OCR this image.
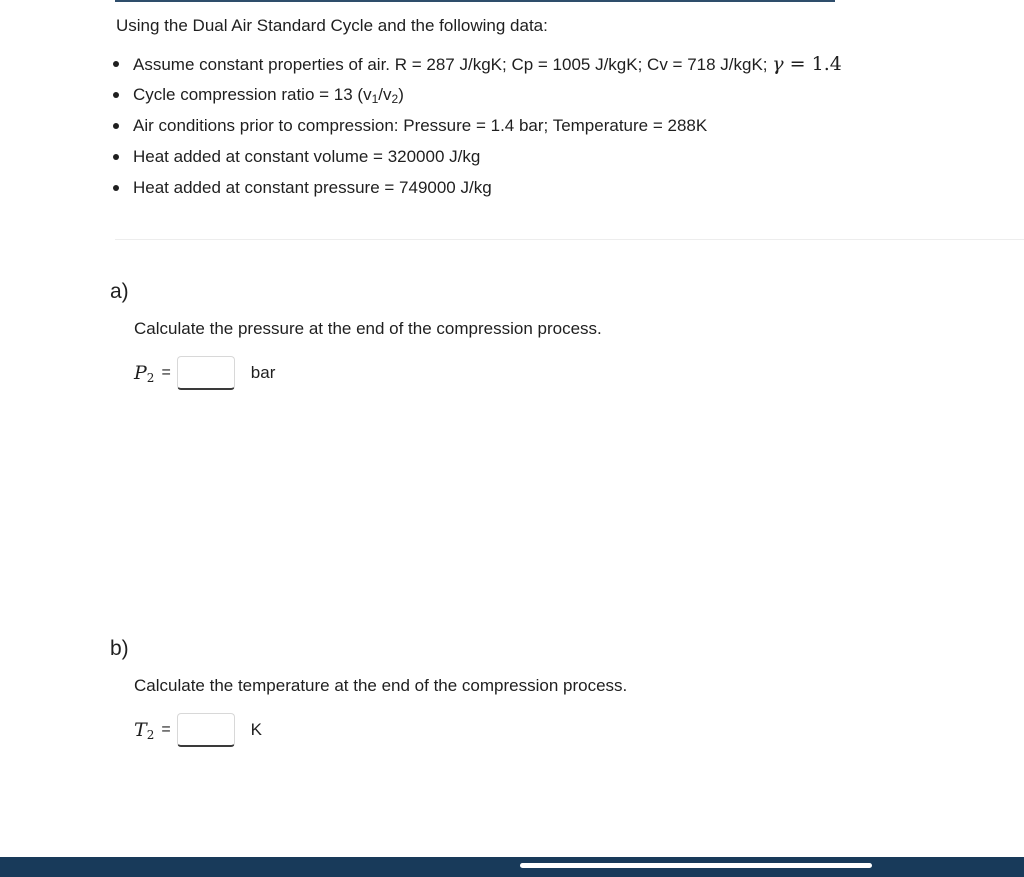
Using the Dual Air Standard Cycle and the following data:
Assume constant properties of air. R = 287 J/kgK; Cp = 1005 J/kgK; Cv = 718 J/kgK; γ = 1.4
Cycle compression ratio = 13 $(v_1/v_2)$
Air conditions prior to compression: Pressure = 1.4 bar; Temperature = 288K
Heat added at constant volume = 320000 J/kg
Heat added at constant pressure = 749000 J/kg
a)
Calculate the pressure at the end of the compression process.
$P_2$ =	bar
b)
Calculate the temperature at the end of the compression process.
$T_2$ =	K
